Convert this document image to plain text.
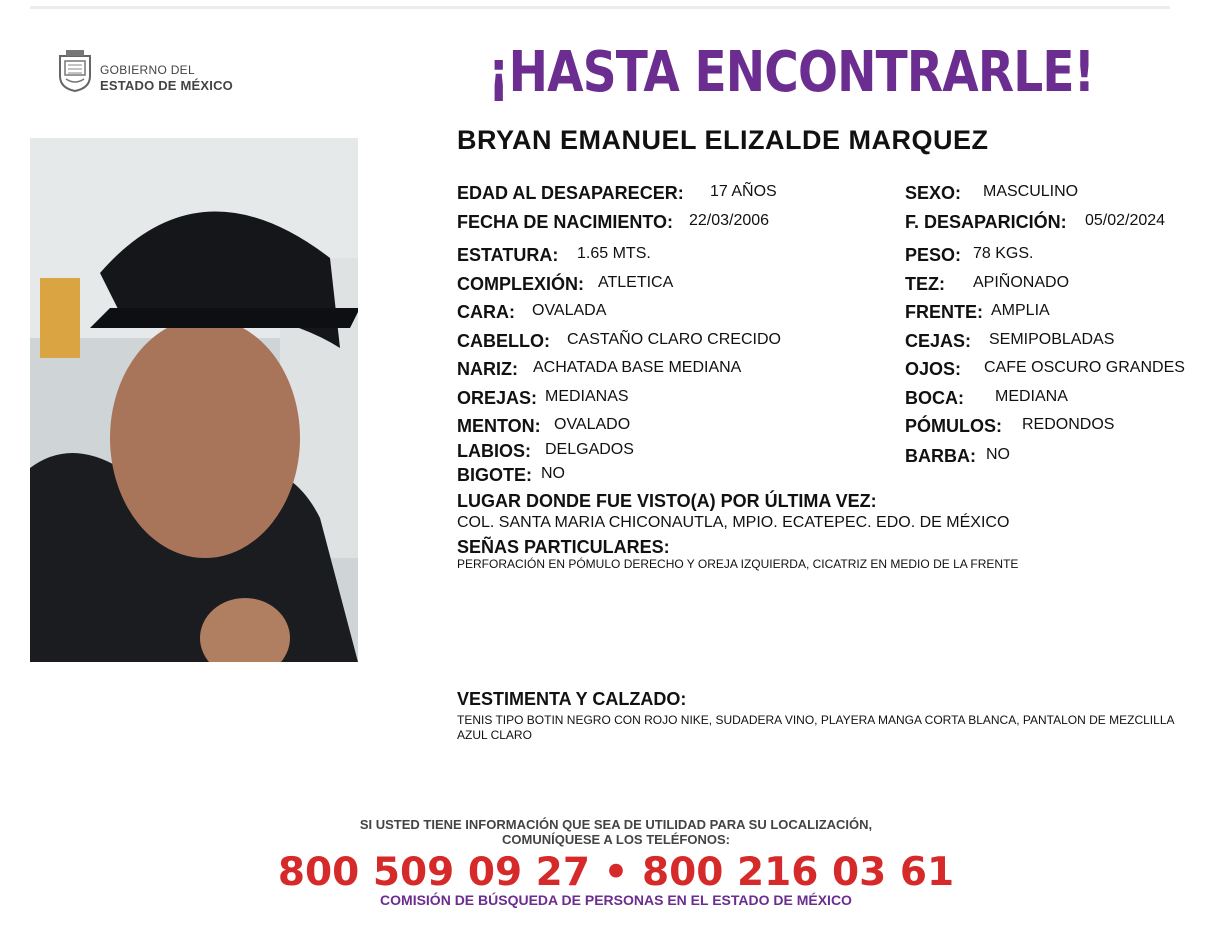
GOBIERNO DEL
ESTADO DE MÉXICO	¡HASTA ENCONTRARLE!
BRYAN EMANUEL ELIZALDE MARQUEZ
EDAD AL DESAPARECER: 17 AÑOS
FECHA DE NACIMIENTO: 22/03/2006
ESTATURA: 1.65 MTS.
COMPLEXIÓN: ATLETICA
CARA: OVALADA
CABELLO: CASTAÑO CLARO CRECIDO
NARIZ: ACHATADA BASE MEDIANA
OREJAS: MEDIANAS
MENTON: OVALADO
LABIOS: DELGADOS
BIGOTE: NO
SEXO: MASCULINO
F. DESAPARICIÓN: 05/02/2024
PESO: 78 KGS.
TEZ: APIÑONADO
FRENTE: AMPLIA
CEJAS: SEMIPOBLADAS
OJOS: CAFE OSCURO GRANDES
BOCA: MEDIANA
PÓMULOS: REDONDOS
BARBA: NO
LUGAR DONDE FUE VISTO(A) POR ÚLTIMA VEZ:
COL. SANTA MARIA CHICONAUTLA, MPIO. ECATEPEC. EDO. DE MÉXICO
SEÑAS PARTICULARES:
PERFORACIÓN EN PÓMULO DERECHO Y OREJA IZQUIERDA, CICATRIZ EN MEDIO DE LA FRENTE
VESTIMENTA Y CALZADO:
TENIS TIPO BOTIN NEGRO CON ROJO NIKE, SUDADERA VINO, PLAYERA MANGA CORTA BLANCA, PANTALON DE MEZCLILLA AZUL CLARO
SI USTED TIENE INFORMACIÓN QUE SEA DE UTILIDAD PARA SU LOCALIZACIÓN,
COMUNÍQUESE A LOS TELÉFONOS:
800 509 09 27 • 800 216 03 61
COMISIÓN DE BÚSQUEDA DE PERSONAS EN EL ESTADO DE MÉXICO
